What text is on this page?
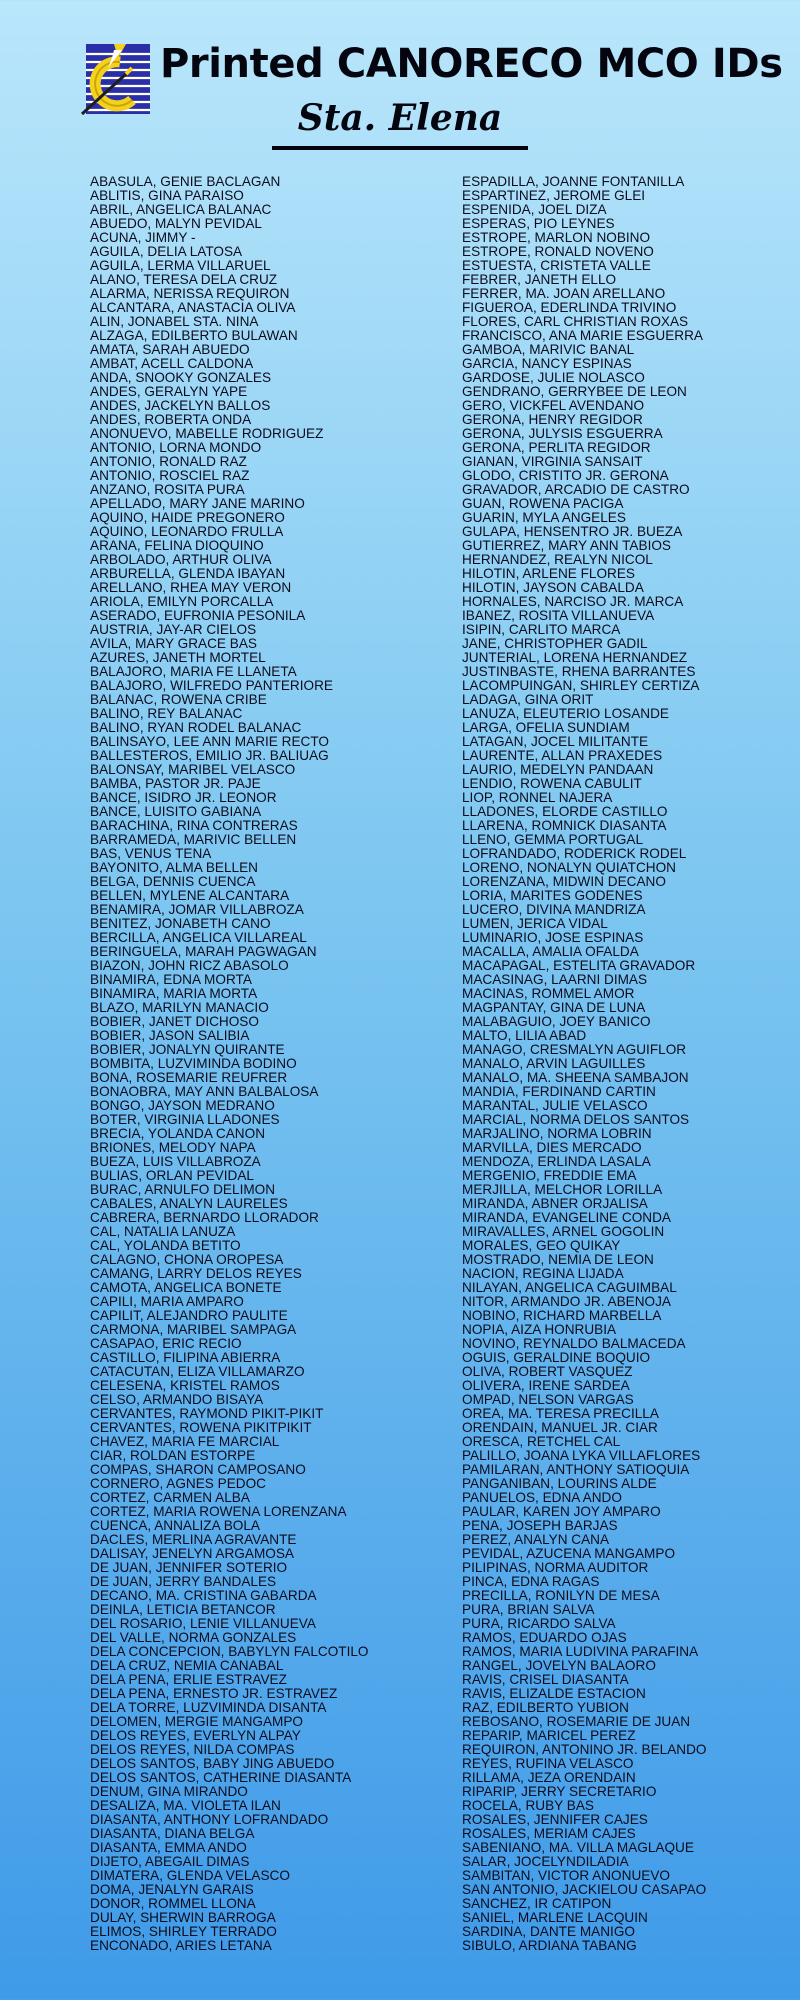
Printed CANORECO MCO IDs
Sta. Elena
ABASULA, GENIE BACLAGAN
ABLITIS, GINA PARAISO
ABRIL, ANGELICA BALANAC
ABUEDO, MALYN PEVIDAL
ACUNA, JIMMY -
AGUILA, DELIA LATOSA
AGUILA, LERMA VILLARUEL
ALANO, TERESA DELA CRUZ
ALARMA, NERISSA REQUIRON
ALCANTARA, ANASTACIA OLIVA
ALIN, JONABEL STA. NINA
ALZAGA, EDILBERTO BULAWAN
AMATA, SARAH ABUEDO
AMBAT, ACELL CALDONA
ANDA, SNOOKY GONZALES
ANDES, GERALYN YAPE
ANDES, JACKELYN BALLOS
ANDES, ROBERTA ONDA
ANONUEVO, MABELLE RODRIGUEZ
ANTONIO, LORNA MONDO
ANTONIO, RONALD RAZ
ANTONIO, ROSCIEL RAZ
ANZANO, ROSITA PURA
APELLADO, MARY JANE MARINO
AQUINO, HAIDE PREGONERO
AQUINO, LEONARDO FRULLA
ARANA, FELINA DIOQUINO
ARBOLADO, ARTHUR OLIVA
ARBURELLA, GLENDA IBAYAN
ARELLANO, RHEA MAY VERON
ARIOLA, EMILYN PORCALLA
ASERADO, EUFRONIA PESONILA
AUSTRIA, JAY-AR CIELOS
AVILA, MARY GRACE BAS
AZURES, JANETH MORTEL
BALAJORO, MARIA FE LLANETA
BALAJORO, WILFREDO PANTERIORE
BALANAC, ROWENA CRIBE
BALINO, REY BALANAC
BALINO, RYAN RODEL BALANAC
BALINSAYO, LEE ANN MARIE RECTO
BALLESTEROS, EMILIO JR. BALIUAG
BALONSAY, MARIBEL VELASCO
BAMBA, PASTOR JR. PAJE
BANCE, ISIDRO JR. LEONOR
BANCE, LUISITO GABIANA
BARACHINA, RINA CONTRERAS
BARRAMEDA, MARIVIC BELLEN
BAS, VENUS TENA
BAYONITO, ALMA BELLEN
BELGA, DENNIS CUENCA
BELLEN, MYLENE ALCANTARA
BENAMIRA, JOMAR VILLABROZA
BENITEZ, JONABETH CANO
BERCILLA, ANGELICA VILLAREAL
BERINGUELA, MARAH PAGWAGAN
BIAZON, JOHN RICZ ABASOLO
BINAMIRA, EDNA MORTA
BINAMIRA, MARIA MORTA
BLAZO, MARILYN MANACIO
BOBIER, JANET DICHOSO
BOBIER, JASON SALIBIA
BOBIER, JONALYN QUIRANTE
BOMBITA, LUZVIMINDA BODINO
BONA, ROSEMARIE REUFRER
BONAOBRA, MAY ANN BALBALOSA
BONGO, JAYSON MEDRANO
BOTER, VIRGINIA LLADONES
BRECIA, YOLANDA CANON
BRIONES, MELODY NAPA
BUEZA, LUIS VILLABROZA
BULIAS, ORLAN PEVIDAL
BURAC, ARNULFO DELIMON
CABALES, ANALYN LAURELES
CABRERA, BERNARDO LLORADOR
CAL, NATALIA LANUZA
CAL, YOLANDA BETITO
CALAGNO, CHONA OROPESA
CAMANG, LARRY DELOS REYES
CAMOTA, ANGELICA BONETE
CAPILI, MARIA AMPARO
CAPILIT, ALEJANDRO PAULITE
CARMONA, MARIBEL SAMPAGA
CASAPAO, ERIC RECIO
CASTILLO, FILIPINA ABIERRA
CATACUTAN, ELIZA VILLAMARZO
CELESENA, KRISTEL RAMOS
CELSO, ARMANDO BISAYA
CERVANTES, RAYMOND PIKIT-PIKIT
CERVANTES, ROWENA PIKITPIKIT
CHAVEZ, MARIA FE MARCIAL
CIAR, ROLDAN ESTORPE
COMPAS, SHARON CAMPOSANO
CORNERO, AGNES PEDOC
CORTEZ, CARMEN ALBA
CORTEZ, MARIA ROWENA LORENZANA
CUENCA, ANNALIZA BOLA
DACLES, MERLINA AGRAVANTE
DALISAY, JENELYN ARGAMOSA
DE JUAN, JENNIFER SOTERIO
DE JUAN, JERRY BANDALES
DECANO, MA. CRISTINA GABARDA
DEINLA, LETICIA BETANCOR
DEL ROSARIO, LENIE VILLANUEVA
DEL VALLE, NORMA GONZALES
DELA CONCEPCION, BABYLYN FALCOTILO
DELA CRUZ, NEMIA CANABAL
DELA PENA, ERLIE ESTRAVEZ
DELA PENA, ERNESTO JR. ESTRAVEZ
DELA TORRE, LUZVIMINDA DISANTA
DELOMEN, MERGIE MANGAMPO
DELOS REYES, EVERLYN ALPAY
DELOS REYES, NILDA COMPAS
DELOS SANTOS, BABY JING ABUEDO
DELOS SANTOS, CATHERINE DIASANTA
DENUM, GINA MIRANDO
DESALIZA, MA. VIOLETA ILAN
DIASANTA, ANTHONY LOFRANDADO
DIASANTA, DIANA BELGA
DIASANTA, EMMA ANDO
DIJETO, ABEGAIL DIMAS
DIMATERA, GLENDA VELASCO
DOMA, JENALYN GARAIS
DONOR, ROMMEL LLONA
DULAY, SHERWIN BARROGA
ELIMOS, SHIRLEY TERRADO
ENCONADO, ARIES LETANA
ESPADILLA, JOANNE FONTANILLA
ESPARTINEZ, JEROME GLEI
ESPENIDA, JOEL DIZA
ESPERAS, PIO LEYNES
ESTROPE, MARLON NOBINO
ESTROPE, RONALD NOVENO
ESTUESTA, CRISTETA VALLE
FEBRER, JANETH ELLO
FERRER, MA. JOAN ARELLANO
FIGUEROA, EDERLINDA TRIVINO
FLORES, CARL CHRISTIAN ROXAS
FRANCISCO, ANA MARIE ESGUERRA
GAMBOA, MARIVIC BANAL
GARCIA, NANCY ESPINAS
GARDOSE, JULIE NOLASCO
GENDRANO, GERRYBEE DE LEON
GERO, VICKFEL AVENDANO
GERONA, HENRY REGIDOR
GERONA, JULYSIS ESGUERRA
GERONA, PERLITA REGIDOR
GIANAN, VIRGINIA SANSAIT
GLODO, CRISTITO JR. GERONA
GRAVADOR, ARCADIO DE CASTRO
GUAN, ROWENA PACIGA
GUARIN, MYLA ANGELES
GULAPA, HENSENTRO JR. BUEZA
GUTIERREZ, MARY ANN TABIOS
HERNANDEZ, REALYN NICOL
HILOTIN, ARLENE FLORES
HILOTIN, JAYSON CABALDA
HORNALES, NARCISO JR. MARCA
IBANEZ, ROSITA VILLANUEVA
ISIPIN, CARLITO MARCA
JANE, CHRISTOPHER GADIL
JUNTERIAL, LORENA HERNANDEZ
JUSTINBASTE, RHENA BARRANTES
LACOMPUINGAN, SHIRLEY CERTIZA
LADAGA, GINA ORIT
LANUZA, ELEUTERIO LOSANDE
LARGA, OFELIA SUNDIAM
LATAGAN, JOCEL MILITANTE
LAURENTE, ALLAN PRAXEDES
LAURIO, MEDELYN PANDAAN
LENDIO, ROWENA CABULIT
LIOP, RONNEL NAJERA
LLADONES, ELORDE CASTILLO
LLARENA, ROMNICK DIASANTA
LLENO, GEMMA PORTUGAL
LOFRANDADO, RODERICK RODEL
LORENO, NONALYN QUIATCHON
LORENZANA, MIDWIN DECANO
LORIA, MARITES GODENES
LUCERO, DIVINA MANDRIZA
LUMEN, JERICA VIDAL
LUMINARIO, JOSE ESPINAS
MACALLA, AMALIA OFALDA
MACAPAGAL, ESTELITA GRAVADOR
MACASINAG, LAARNI DIMAS
MACINAS, ROMMEL AMOR
MAGPANTAY, GINA DE LUNA
MALABAGUIO, JOEY BANICO
MALTO, LILIA ABAD
MANAGO, CRESMALYN AGUIFLOR
MANALO, ARVIN LAGUILLES
MANALO, MA. SHEENA SAMBAJON
MANDIA, FERDINAND CARTIN
MARANTAL, JULIE VELASCO
MARCIAL, NORMA DELOS SANTOS
MARJALINO, NORMA LOBRIN
MARVILLA, DIES MERCADO
MENDOZA, ERLINDA LASALA
MERGENIO, FREDDIE EMA
MERJILLA, MELCHOR LORILLA
MIRANDA, ABNER ORJALISA
MIRANDA, EVANGELINE CONDA
MIRAVALLES, ARNEL GOGOLIN
MORALES, GEO QUIKAY
MOSTRADO, NEMIA DE LEON
NACION, REGINA LIJADA
NILAYAN, ANGELICA CAGUIMBAL
NITOR, ARMANDO JR. ABENOJA
NOBINO, RICHARD MARBELLA
NOPIA, AIZA HONRUBIA
NOVINO, REYNALDO BALMACEDA
OGUIS, GERALDINE BOQUIO
OLIVA, ROBERT VASQUEZ
OLIVERA, IRENE SARDEA
OMPAD, NELSON VARGAS
OREA, MA. TERESA PRECILLA
ORENDAIN, MANUEL JR. CIAR
ORESCA, RETCHEL CAL
PALILLO, JOANA LYKA VILLAFLORES
PAMILARAN, ANTHONY SATIOQUIA
PANGANIBAN, LOURINS ALDE
PANUELOS, EDNA ANDO
PAULAR, KAREN JOY AMPARO
PENA, JOSEPH BARJAS
PEREZ, ANALYN CANA
PEVIDAL, AZUCENA MANGAMPO
PILIPINAS, NORMA AUDITOR
PINCA, EDNA RAGAS
PRECILLA, RONILYN DE MESA
PURA, BRIAN SALVA
PURA, RICARDO SALVA
RAMOS, EDUARDO OJAS
RAMOS, MARIA LUDIVINA PARAFINA
RANGEL, JOVELYN BALAORO
RAVIS, CRISEL DIASANTA
RAVIS, ELIZALDE ESTACION
RAZ, EDILBERTO YUBION
REBOSANO, ROSEMARIE DE JUAN
REPARIP, MARICEL PEREZ
REQUIRON, ANTONINO JR. BELANDO
REYES, RUFINA VELASCO
RILLAMA, JEZA ORENDAIN
RIPARIP, JERRY SECRETARIO
ROCELA, RUBY BAS
ROSALES, JENNIFER CAJES
ROSALES, MERIAM CAJES
SABENIANO, MA. VILLA MAGLAQUE
SALAR, JOCELYNDILADIA
SAMBITAN, VICTOR ANONUEVO
SAN ANTONIO, JACKIELOU CASAPAO
SANCHEZ, IR CATIPON
SANIEL, MARLENE LACQUIN
SARDINA, DANTE MANIGO
SIBULO, ARDIANA TABANG
